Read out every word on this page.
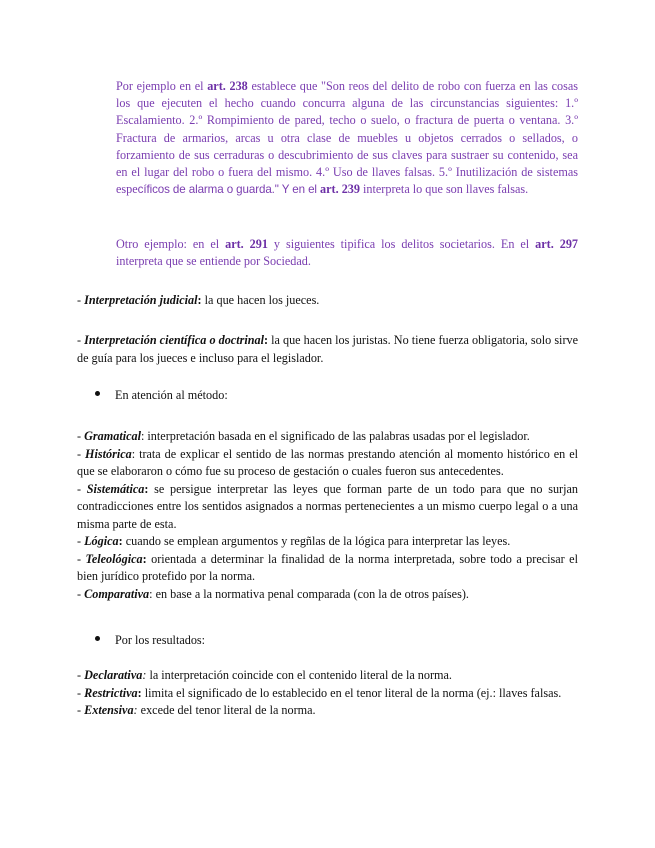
Por ejemplo en el art. 238 establece que "Son reos del delito de robo con fuerza en las cosas los que ejecuten el hecho cuando concurra alguna de las circunstancias siguientes: 1.º Escalamiento. 2.º Rompimiento de pared, techo o suelo, o fractura de puerta o ventana. 3.º Fractura de armarios, arcas u otra clase de muebles u objetos cerrados o sellados, o forzamiento de sus cerraduras o descubrimiento de sus claves para sustraer su contenido, sea en el lugar del robo o fuera del mismo. 4.º Uso de llaves falsas. 5.º Inutilización de sistemas específicos de alarma o guarda." Y en el art. 239 interpreta lo que son llaves falsas.
Otro ejemplo: en el art. 291 y siguientes tipifica los delitos societarios. En el art. 297 interpreta que se entiende por Sociedad.
- Interpretación judicial: la que hacen los jueces.
- Interpretación científica o doctrinal: la que hacen los juristas. No tiene fuerza obligatoria, solo sirve de guía para los jueces e incluso para el legislador.
En atención al método:
- Gramatical: interpretación basada en el significado de las palabras usadas por el legislador.
- Histórica: trata de explicar el sentido de las normas prestando atención al momento histórico en el que se elaboraron o cómo fue su proceso de gestación o cuales fueron sus antecedentes.
- Sistemática: se persigue interpretar las leyes que forman parte de un todo para que no surjan contradicciones entre los sentidos asignados a normas pertenecientes a un mismo cuerpo legal o a una misma parte de esta.
- Lógica: cuando se emplean argumentos y regñlas de la lógica para interpretar las leyes.
- Teleológica: orientada a determinar la finalidad de la norma interpretada, sobre todo a precisar el bien jurídico protefido por la norma.
- Comparativa: en base a la normativa penal comparada (con la de otros países).
Por los resultados:
- Declarativa: la interpretación coincide con el contenido literal de la norma.
- Restrictiva: limita el significado de lo establecido en el tenor literal de la norma (ej.: llaves falsas.
- Extensiva: excede del tenor literal de la norma.
